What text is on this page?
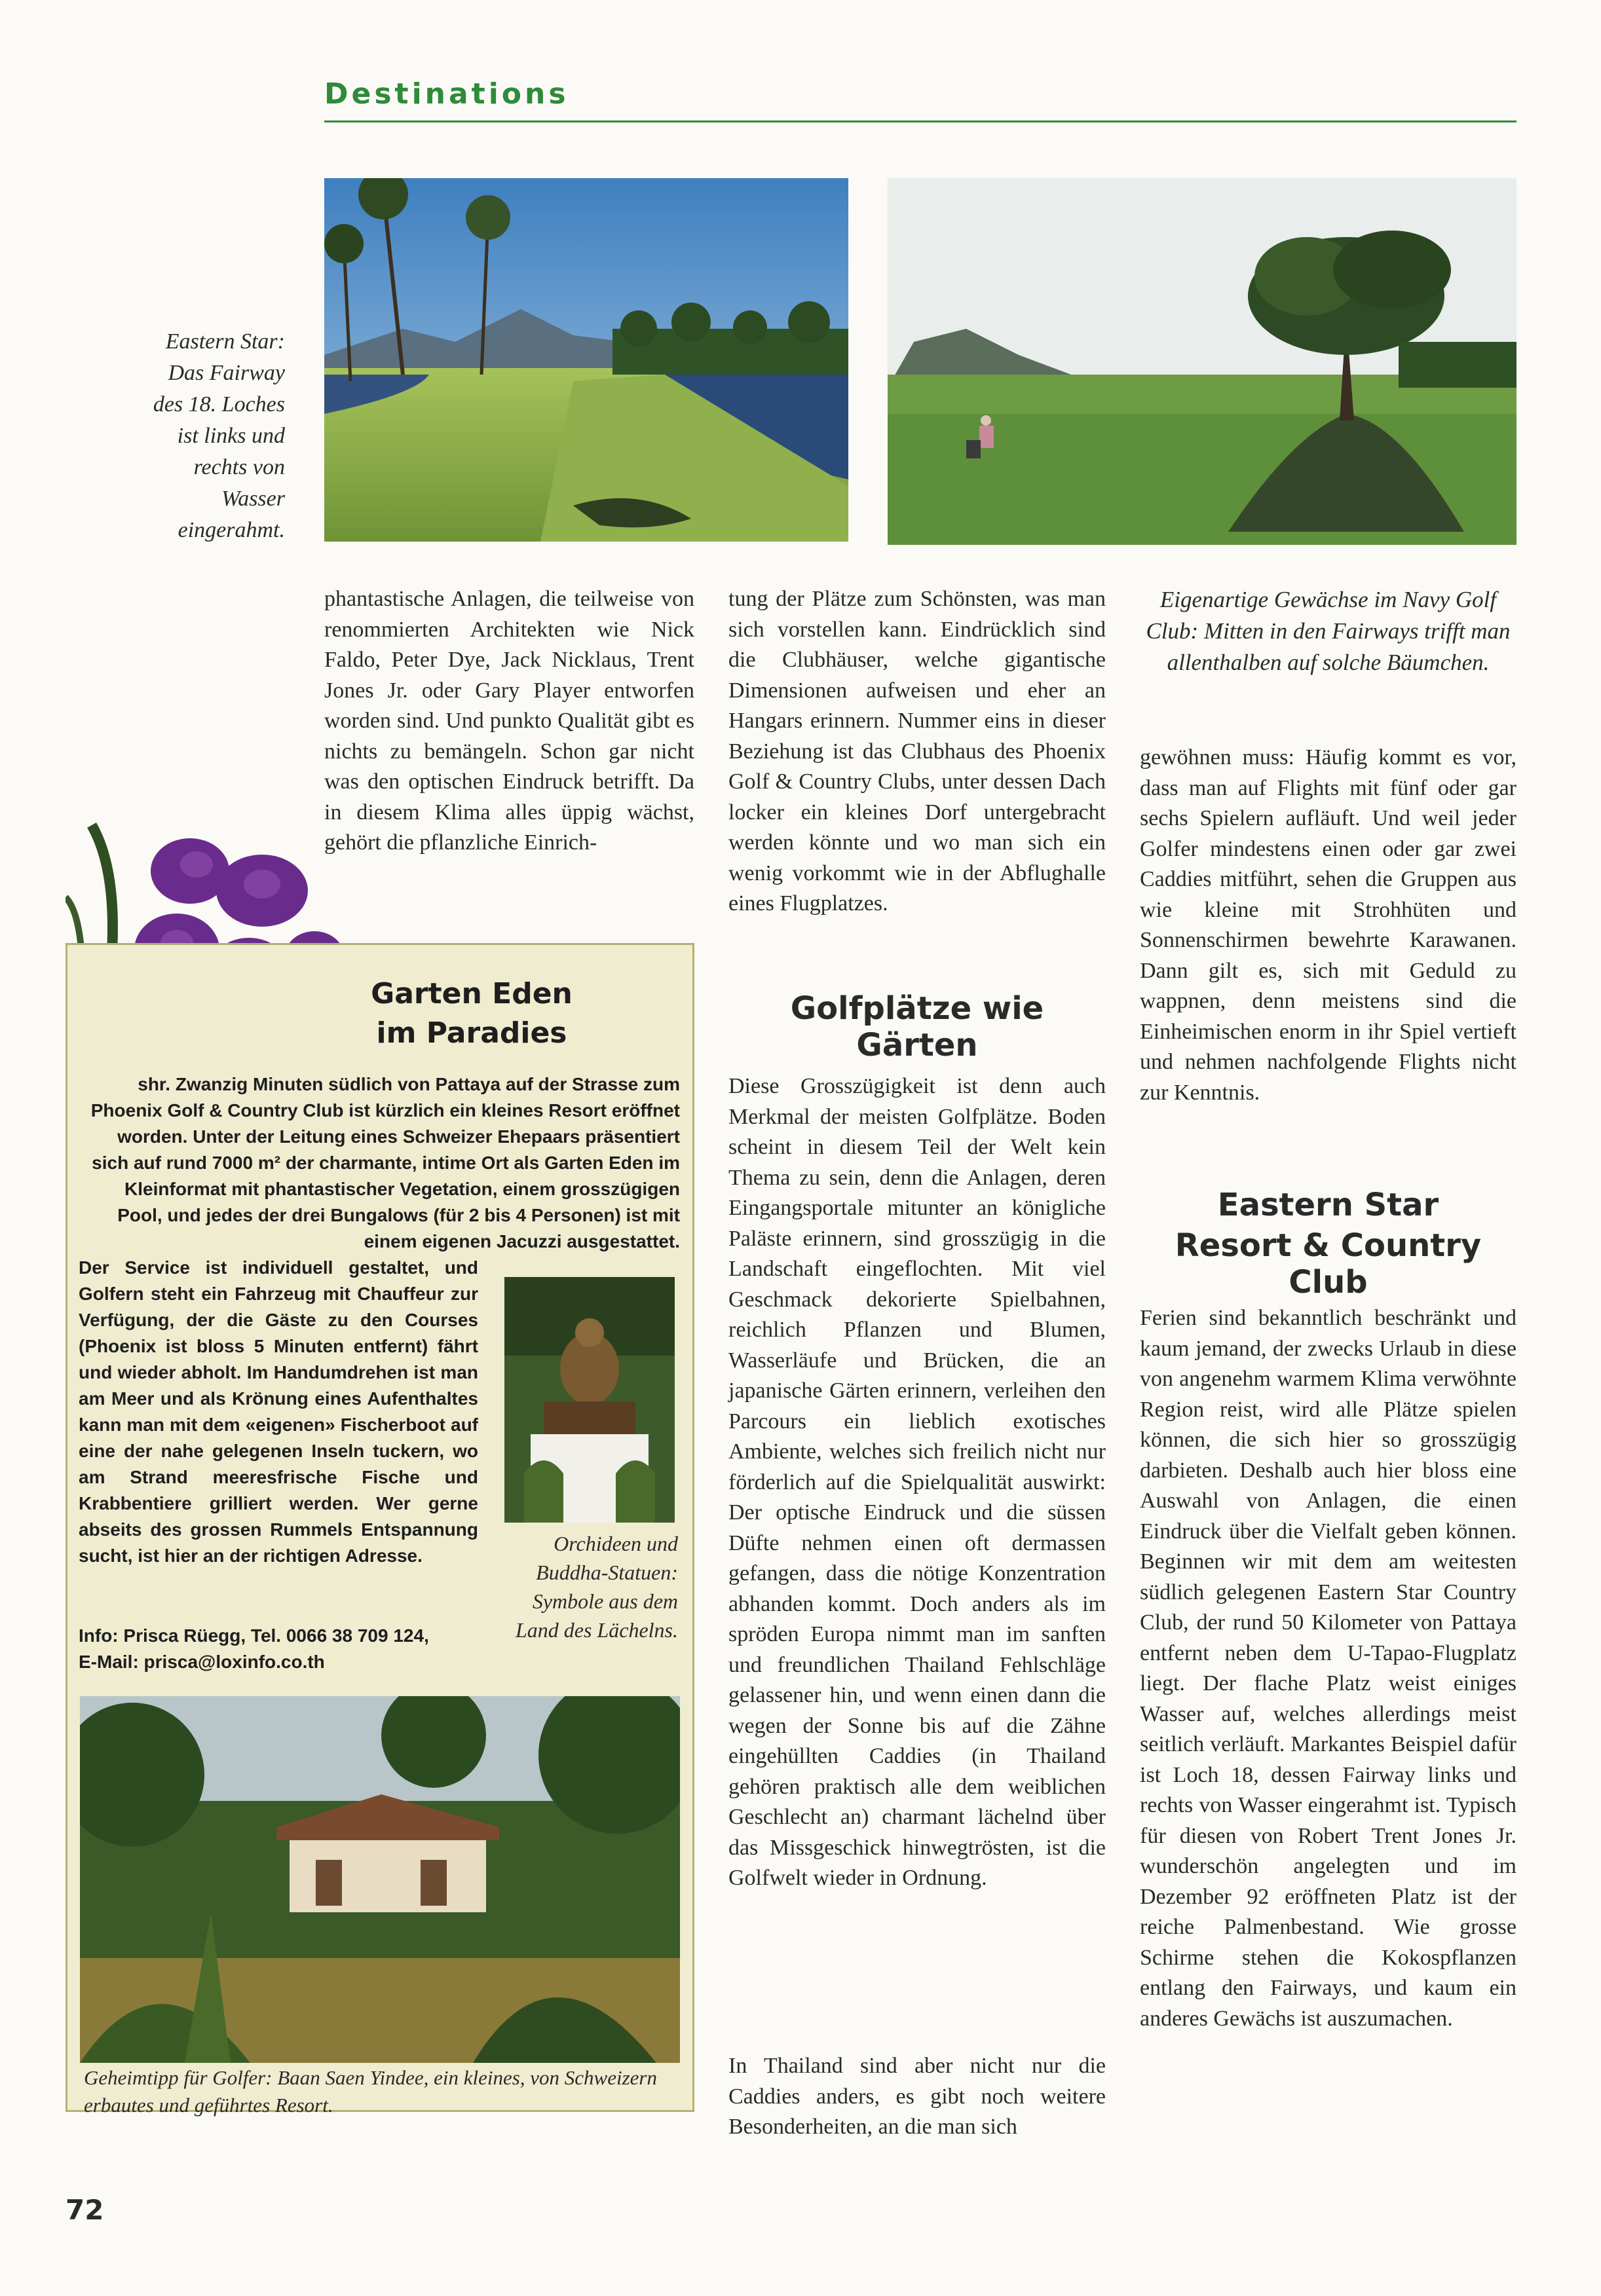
Destinations
Eastern Star: Das Fairway des 18. Loches ist links und rechts von Wasser eingerahmt.
phantastische Anlagen, die teilweise von renommierten Architekten wie Nick Faldo, Peter Dye, Jack Nicklaus, Trent Jones Jr. oder Gary Player entworfen worden sind. Und punkto Qualität gibt es nichts zu bemängeln. Schon gar nicht was den optischen Eindruck betrifft. Da in diesem Klima alles üppig wächst, gehört die pflanzliche Einrich-
Garten Eden
im Paradies
shr. Zwanzig Minuten südlich von Pattaya auf der Strasse zum Phoenix Golf & Country Club ist kürzlich ein kleines Resort eröffnet worden. Unter der Leitung eines Schweizer Ehepaars präsentiert sich auf rund 7000 m² der charmante, intime Ort als Garten Eden im Kleinformat mit phantastischer Vegetation, einem grosszügigen Pool, und jedes der drei Bungalows (für 2 bis 4 Personen) ist mit einem eigenen Jacuzzi ausgestattet.
Der Service ist individuell gestaltet, und Golfern steht ein Fahrzeug mit Chauffeur zur Verfügung, der die Gäste zu den Courses (Phoenix ist bloss 5 Minuten entfernt) fährt und wieder abholt. Im Handumdrehen ist man am Meer und als Krönung eines Aufenthaltes kann man mit dem «eigenen» Fischerboot auf eine der nahe gelegenen Inseln tuckern, wo am Strand meeresfrische Fische und Krabbentiere grilliert werden. Wer gerne abseits des grossen Rummels Entspannung sucht, ist hier an der richtigen Adresse.
Orchideen und Buddha-Statuen: Symbole aus dem Land des Lächelns.
Info: Prisca Rüegg, Tel. 0066 38 709 124,
E-Mail: prisca@loxinfo.co.th
Geheimtipp für Golfer: Baan Saen Yindee, ein kleines, von Schweizern erbautes und geführtes Resort.
tung der Plätze zum Schönsten, was man sich vorstellen kann. Eindrücklich sind die Clubhäuser, welche gigantische Dimensionen aufweisen und eher an Hangars erinnern. Nummer eins in dieser Beziehung ist das Clubhaus des Phoenix Golf & Country Clubs, unter dessen Dach locker ein kleines Dorf untergebracht werden könnte und wo man sich ein wenig vorkommt wie in der Abflughalle eines Flugplatzes.
Golfplätze wie Gärten
Diese Grosszügigkeit ist denn auch Merkmal der meisten Golfplätze. Boden scheint in diesem Teil der Welt kein Thema zu sein, denn die Anlagen, deren Eingangsportale mitunter an königliche Paläste erinnern, sind grosszügig in die Landschaft eingeflochten. Mit viel Geschmack dekorierte Spielbahnen, reichlich Pflanzen und Blumen, Wasserläufe und Brücken, die an japanische Gärten erinnern, verleihen den Parcours ein lieblich exotisches Ambiente, welches sich freilich nicht nur förderlich auf die Spielqualität auswirkt: Der optische Eindruck und die süssen Düfte nehmen einen oft dermassen gefangen, dass die nötige Konzentration abhanden kommt. Doch anders als im spröden Europa nimmt man im sanften und freundlichen Thailand Fehlschläge gelassener hin, und wenn einen dann die wegen der Sonne bis auf die Zähne eingehüllten Caddies (in Thailand gehören praktisch alle dem weiblichen Geschlecht an) charmant lächelnd über das Missgeschick hinwegtrösten, ist die Golfwelt wieder in Ordnung.
In Thailand sind aber nicht nur die Caddies anders, es gibt noch weitere Besonderheiten, an die man sich
Eigenartige Gewächse im Navy Golf Club: Mitten in den Fairways trifft man allenthalben auf solche Bäumchen.
gewöhnen muss: Häufig kommt es vor, dass man auf Flights mit fünf oder gar sechs Spielern aufläuft. Und weil jeder Golfer mindestens einen oder gar zwei Caddies mitführt, sehen die Gruppen aus wie kleine mit Strohhüten und Sonnenschirmen bewehrte Karawanen. Dann gilt es, sich mit Geduld zu wappnen, denn meistens sind die Einheimischen enorm in ihr Spiel vertieft und nehmen nachfolgende Flights nicht zur Kenntnis.
Eastern Star
Resort & Country Club
Ferien sind bekanntlich beschränkt und kaum jemand, der zwecks Urlaub in diese von angenehm warmem Klima verwöhnte Region reist, wird alle Plätze spielen können, die sich hier so grosszügig darbieten. Deshalb auch hier bloss eine Auswahl von Anlagen, die einen Eindruck über die Vielfalt geben können. Beginnen wir mit dem am weitesten südlich gelegenen Eastern Star Country Club, der rund 50 Kilometer von Pattaya entfernt neben dem U-Tapao-Flugplatz liegt. Der flache Platz weist einiges Wasser auf, welches allerdings meist seitlich verläuft. Markantes Beispiel dafür ist Loch 18, dessen Fairway links und rechts von Wasser eingerahmt ist. Typisch für diesen von Robert Trent Jones Jr. wunderschön angelegten und im Dezember 92 eröffneten Platz ist der reiche Palmenbestand. Wie grosse Schirme stehen die Kokospflanzen entlang den Fairways, und kaum ein anderes Gewächs ist auszumachen.
72
